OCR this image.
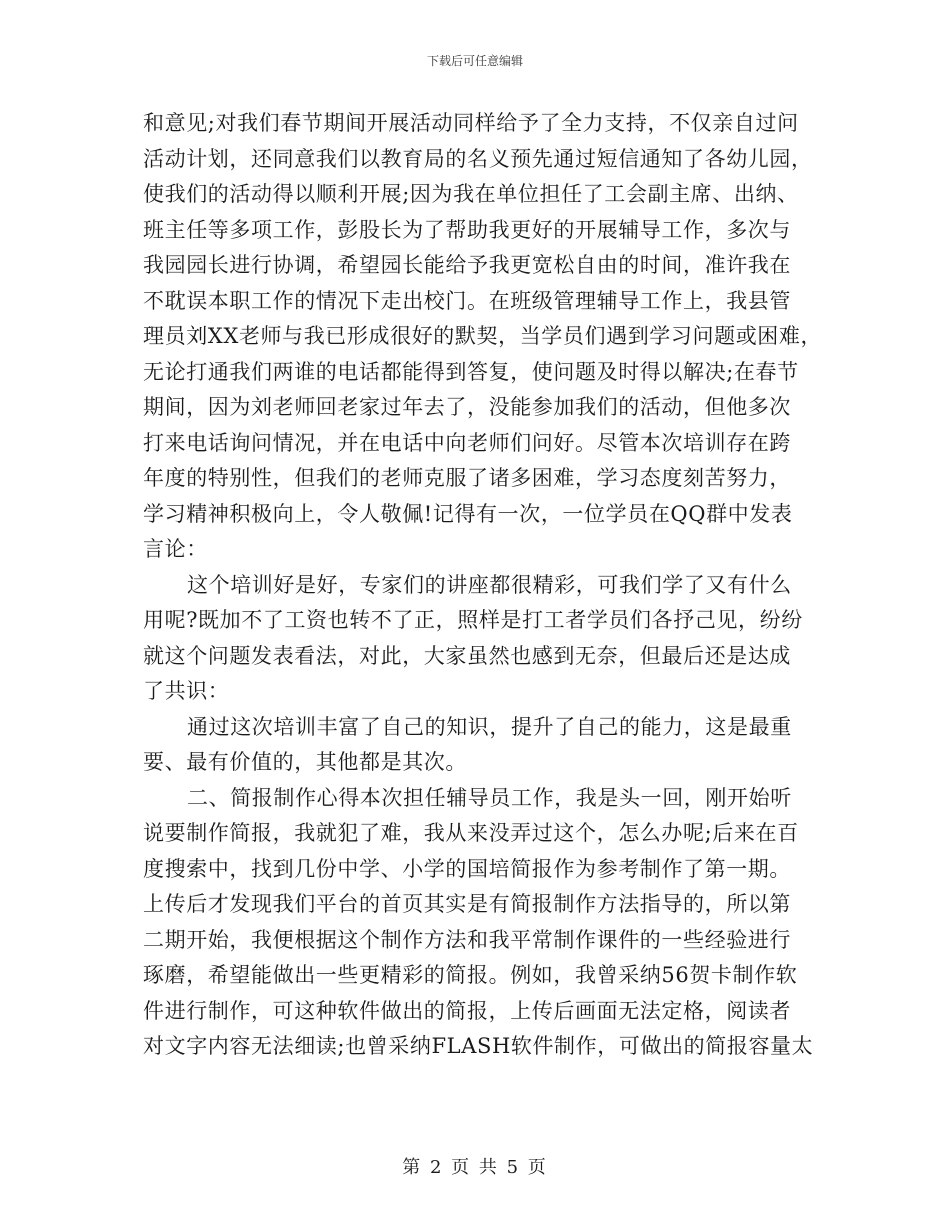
下载后可任意编辑
和意见;对我们春节期间开展活动同样给予了全力支持，不仅亲自过问
活动计划，还同意我们以教育局的名义预先通过短信通知了各幼儿园，
使我们的活动得以顺利开展;因为我在单位担任了工会副主席、出纳、
班主任等多项工作，彭股长为了帮助我更好的开展辅导工作，多次与
我园园长进行协调，希望园长能给予我更宽松自由的时间，准许我在
不耽误本职工作的情况下走出校门。在班级管理辅导工作上，我县管
理员刘XX老师与我已形成很好的默契，当学员们遇到学习问题或困难，
无论打通我们两谁的电话都能得到答复，使问题及时得以解决;在春节
期间，因为刘老师回老家过年去了，没能参加我们的活动，但他多次
打来电话询问情况，并在电话中向老师们问好。尽管本次培训存在跨
年度的特别性，但我们的老师克服了诸多困难，学习态度刻苦努力，
学习精神积极向上，令人敬佩!记得有一次，一位学员在QQ群中发表
言论：
这个培训好是好，专家们的讲座都很精彩，可我们学了又有什么
用呢?既加不了工资也转不了正，照样是打工者学员们各抒己见，纷纷
就这个问题发表看法，对此，大家虽然也感到无奈，但最后还是达成
了共识：
通过这次培训丰富了自己的知识，提升了自己的能力，这是最重
要、最有价值的，其他都是其次。
二、简报制作心得本次担任辅导员工作，我是头一回，刚开始听
说要制作简报，我就犯了难，我从来没弄过这个，怎么办呢;后来在百
度搜索中，找到几份中学、小学的国培简报作为参考制作了第一期。
上传后才发现我们平台的首页其实是有简报制作方法指导的，所以第
二期开始，我便根据这个制作方法和我平常制作课件的一些经验进行
琢磨，希望能做出一些更精彩的简报。例如，我曾采纳56贺卡制作软
件进行制作，可这种软件做出的简报，上传后画面无法定格，阅读者
对文字内容无法细读;也曾采纳FLASH软件制作，可做出的简报容量太
第 2 页 共 5 页
